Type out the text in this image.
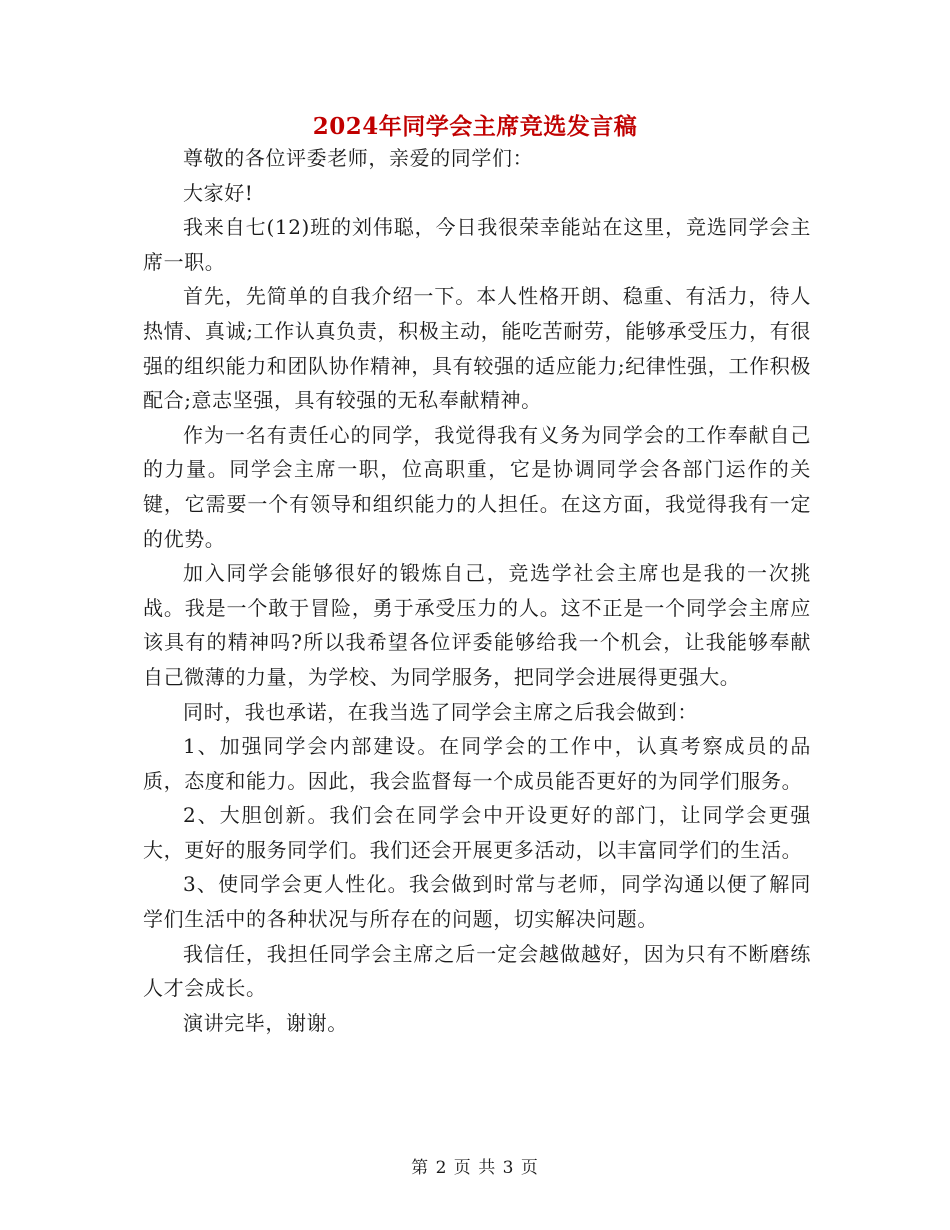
2024年同学会主席竞选发言稿

尊敬的各位评委老师，亲爱的同学们：

大家好!

我来自七(12)班的刘伟聪，今日我很荣幸能站在这里，竞选同学会主席一职。

首先，先简单的自我介绍一下。本人性格开朗、稳重、有活力，待人热情、真诚;工作认真负责，积极主动，能吃苦耐劳，能够承受压力，有很强的组织能力和团队协作精神，具有较强的适应能力;纪律性强，工作积极配合;意志坚强，具有较强的无私奉献精神。

作为一名有责任心的同学，我觉得我有义务为同学会的工作奉献自己的力量。同学会主席一职，位高职重，它是协调同学会各部门运作的关键，它需要一个有领导和组织能力的人担任。在这方面，我觉得我有一定的优势。

加入同学会能够很好的锻炼自己，竞选学社会主席也是我的一次挑战。我是一个敢于冒险，勇于承受压力的人。这不正是一个同学会主席应该具有的精神吗?所以我希望各位评委能够给我一个机会，让我能够奉献自己微薄的力量，为学校、为同学服务，把同学会进展得更强大。

同时，我也承诺，在我当选了同学会主席之后我会做到：

1、加强同学会内部建设。在同学会的工作中，认真考察成员的品质，态度和能力。因此，我会监督每一个成员能否更好的为同学们服务。

2、大胆创新。我们会在同学会中开设更好的部门，让同学会更强大，更好的服务同学们。我们还会开展更多活动，以丰富同学们的生活。

3、使同学会更人性化。我会做到时常与老师，同学沟通以便了解同学们生活中的各种状况与所存在的问题，切实解决问题。

我信任，我担任同学会主席之后一定会越做越好，因为只有不断磨练人才会成长。

演讲完毕，谢谢。

第 2 页 共 3 页
